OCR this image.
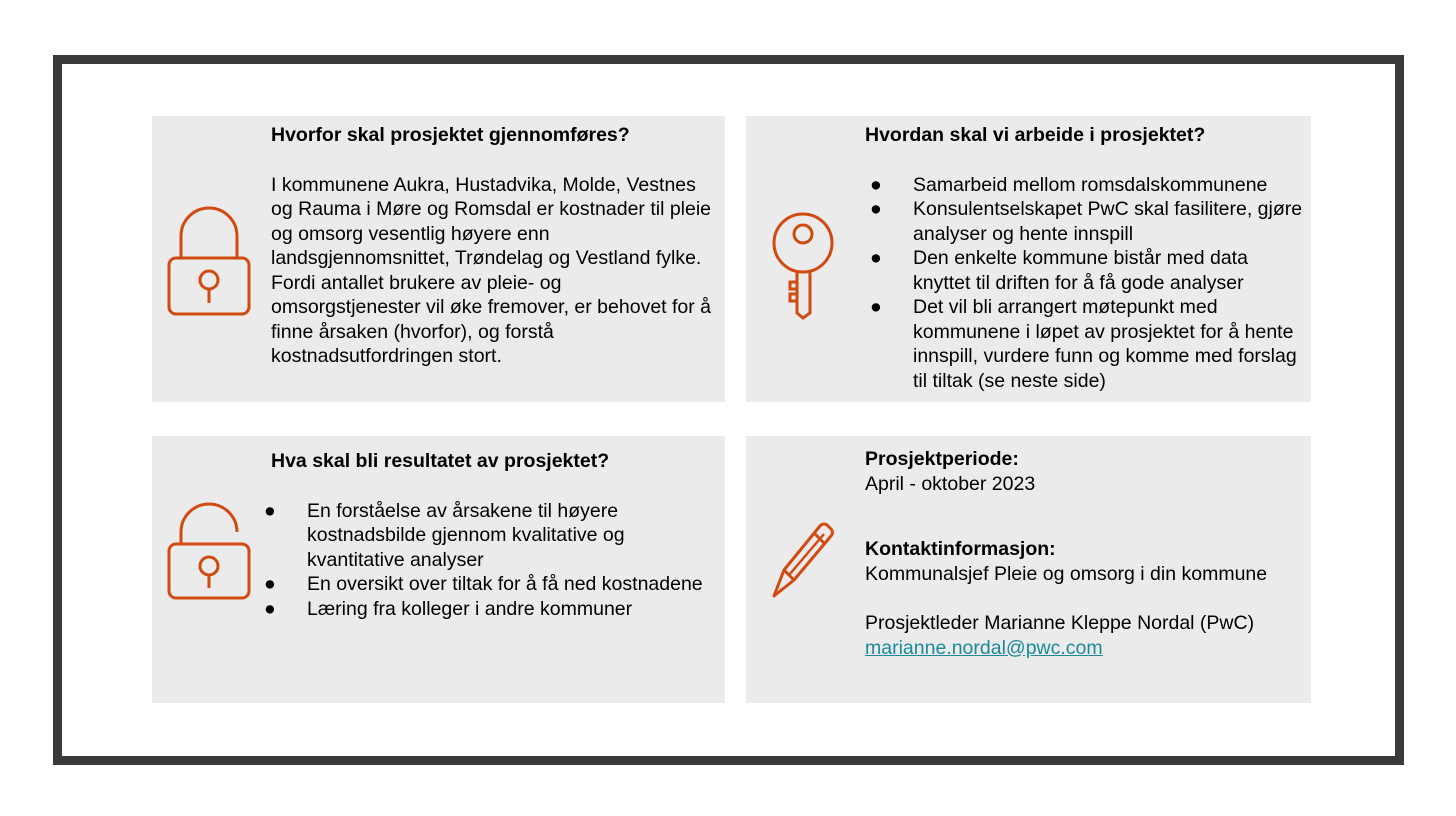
Hvorfor skal prosjektet gjennomføres?

I kommunene Aukra, Hustadvika, Molde, Vestnes og Rauma i Møre og Romsdal er kostnader til pleie og omsorg vesentlig høyere enn landsgjennomsnittet, Trøndelag og Vestland fylke. Fordi antallet brukere av pleie- og omsorgstjenester vil øke fremover, er behovet for å finne årsaken (hvorfor), og forstå kostnadsutfordringen stort.

Hvordan skal vi arbeide i prosjektet?

● Samarbeid mellom romsdalskommunene
● Konsulentselskapet PwC skal fasilitere, gjøre analyser og hente innspill
● Den enkelte kommune bistår med data knyttet til driften for å få gode analyser
● Det vil bli arrangert møtepunkt med kommunene i løpet av prosjektet for å hente innspill, vurdere funn og komme med forslag til tiltak (se neste side)

Hva skal bli resultatet av prosjektet?

● En forståelse av årsakene til høyere kostnadsbilde gjennom kvalitative og kvantitative analyser
● En oversikt over tiltak for å få ned kostnadene
● Læring fra kolleger i andre kommuner

Prosjektperiode:

April - oktober 2023

Kontaktinformasjon:

Kommunalsjef Pleie og omsorg i din kommune

Prosjektleder Marianne Kleppe Nordal (PwC)

marianne.nordal@pwc.com
